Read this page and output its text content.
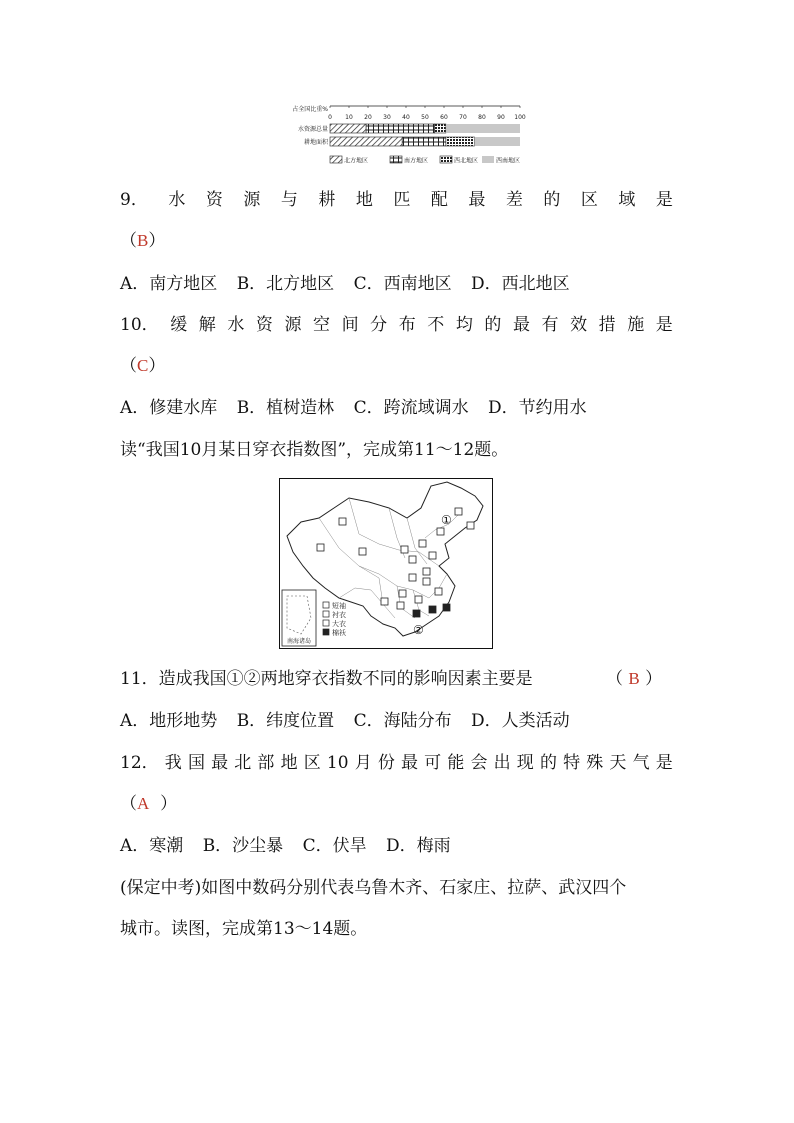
占全国比重%
0 10 20 30 40 50 60 70 80 90 100
水资源总量
耕地面积
北方地区	南方地区	西北地区	西南地区
9． 水 资 源 与 耕 地 匹 配 最 差 的 区 域 是
（B）
A．南方地区 B．北方地区 C．西南地区 D．西北地区
10． 缓 解 水 资 源 空 间 分 布 不 均 的 最 有 效 措 施 是
（C）
A．修建水库 B．植树造林 C．跨流域调水 D．节约用水
读“我国10月某日穿衣指数图”，完成第11～12题。
南海诸岛
①
②
短袖
衬衣
大衣
棉袄
11．造成我国①②两地穿衣指数不同的影响因素主要是	（ B ）
A．地形地势 B．纬度位置 C．海陆分布 D．人类活动
12． 我 国 最 北 部 地 区 10 月 份 最 可 能 会 出 现 的 特 殊 天 气 是
（A ）
A．寒潮 B．沙尘暴 C．伏旱 D．梅雨
(保定中考)如图中数码分别代表乌鲁木齐、石家庄、拉萨、武汉四个
城市。读图，完成第13～14题。
